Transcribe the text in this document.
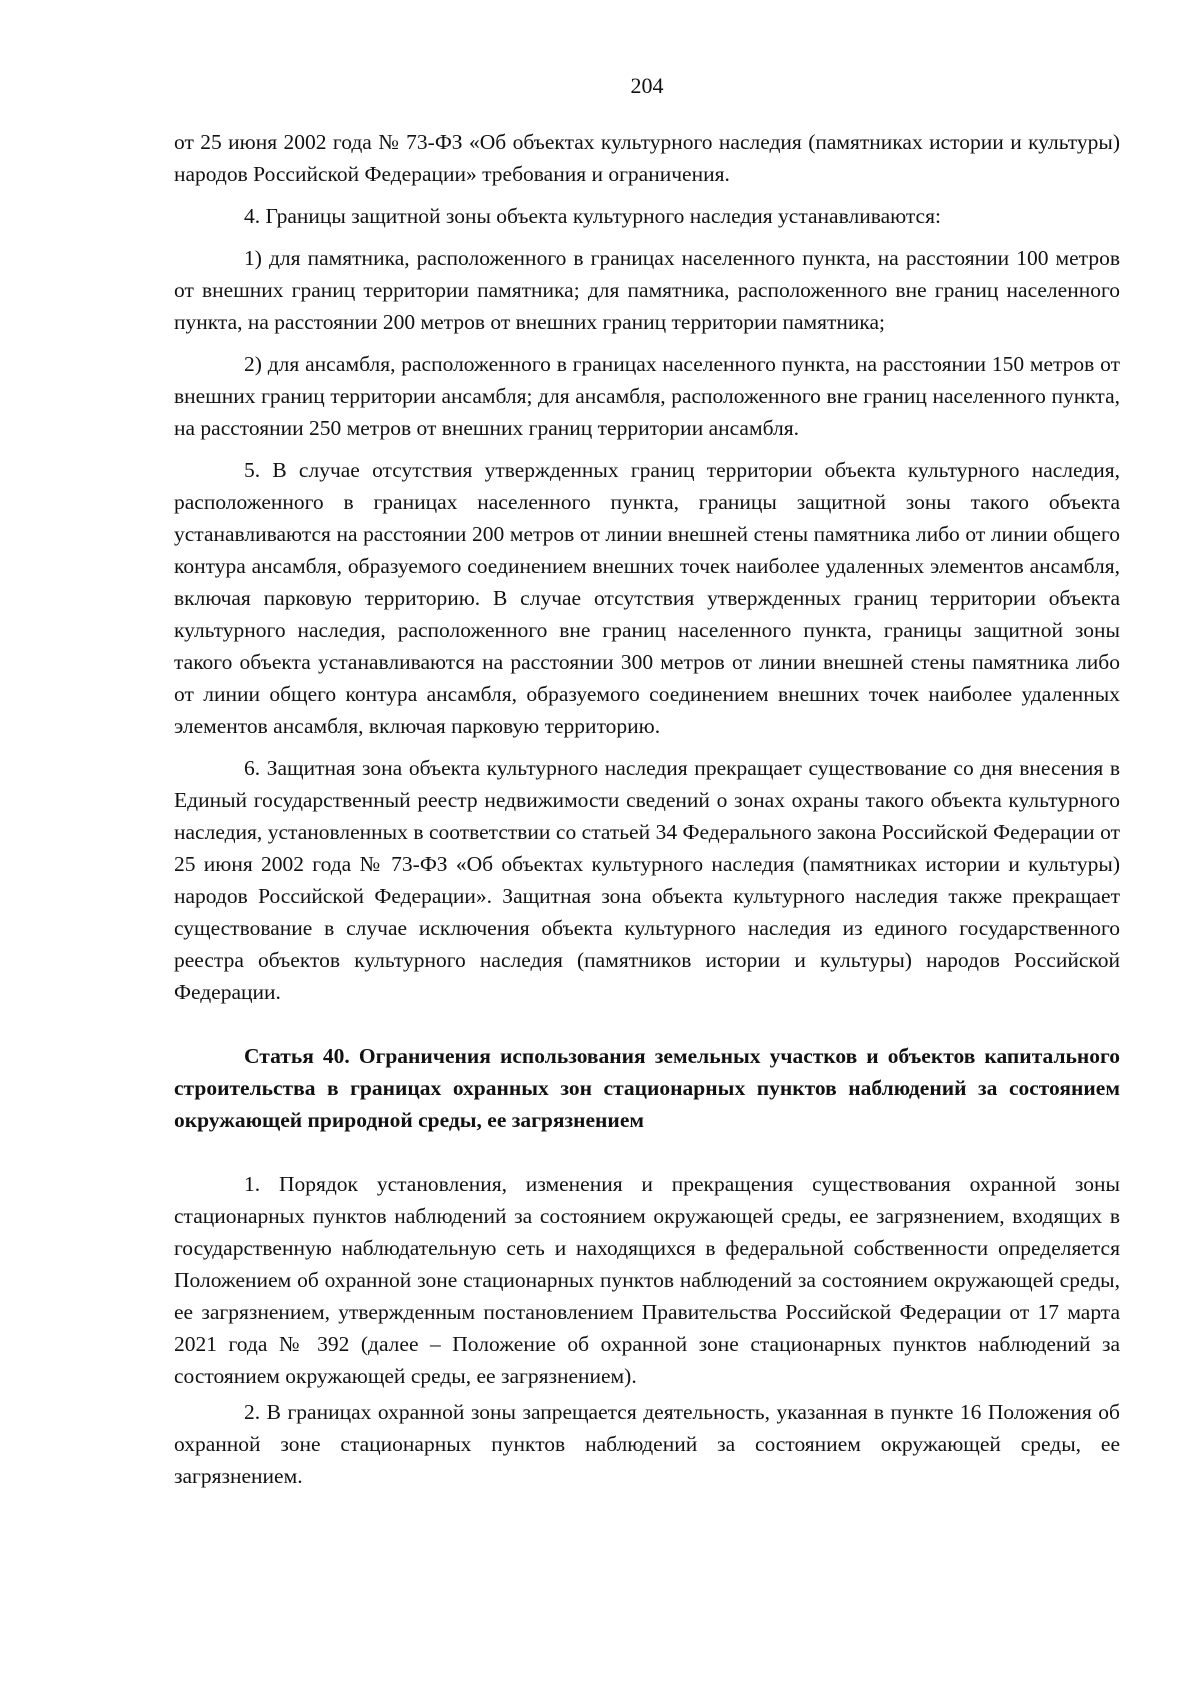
204

от 25 июня 2002 года № 73-ФЗ «Об объектах культурного наследия (памятниках истории и культуры) народов Российской Федерации» требования и ограничения.

4. Границы защитной зоны объекта культурного наследия устанавливаются:

1) для памятника, расположенного в границах населенного пункта, на расстоянии 100 метров от внешних границ территории памятника; для памятника, расположенного вне границ населенного пункта, на расстоянии 200 метров от внешних границ территории памятника;

2) для ансамбля, расположенного в границах населенного пункта, на расстоянии 150 метров от внешних границ территории ансамбля; для ансамбля, расположенного вне границ населенного пункта, на расстоянии 250 метров от внешних границ территории ансамбля.

5. В случае отсутствия утвержденных границ территории объекта культурного наследия, расположенного в границах населенного пункта, границы защитной зоны такого объекта устанавливаются на расстоянии 200 метров от линии внешней стены памятника либо от линии общего контура ансамбля, образуемого соединением внешних точек наиболее удаленных элементов ансамбля, включая парковую территорию. В случае отсутствия утвержденных границ территории объекта культурного наследия, расположенного вне границ населенного пункта, границы защитной зоны такого объекта устанавливаются на расстоянии 300 метров от линии внешней стены памятника либо от линии общего контура ансамбля, образуемого соединением внешних точек наиболее удаленных элементов ансамбля, включая парковую территорию.

6. Защитная зона объекта культурного наследия прекращает существование со дня внесения в Единый государственный реестр недвижимости сведений о зонах охраны такого объекта культурного наследия, установленных в соответствии со статьей 34 Федерального закона Российской Федерации от 25 июня 2002 года № 73-ФЗ «Об объектах культурного наследия (памятниках истории и культуры) народов Российской Федерации». Защитная зона объекта культурного наследия также прекращает существование в случае исключения объекта культурного наследия из единого государственного реестра объектов культурного наследия (памятников истории и культуры) народов Российской Федерации.

Статья 40. Ограничения использования земельных участков и объектов капитального строительства в границах охранных зон стационарных пунктов наблюдений за состоянием окружающей природной среды, ее загрязнением

1. Порядок установления, изменения и прекращения существования охранной зоны стационарных пунктов наблюдений за состоянием окружающей среды, ее загрязнением, входящих в государственную наблюдательную сеть и находящихся в федеральной собственности определяется Положением об охранной зоне стационарных пунктов наблюдений за состоянием окружающей среды, ее загрязнением, утвержденным постановлением Правительства Российской Федерации от 17 марта 2021 года № 392 (далее – Положение об охранной зоне стационарных пунктов наблюдений за состоянием окружающей среды, ее загрязнением).

2. В границах охранной зоны запрещается деятельность, указанная в пункте 16 Положения об охранной зоне стационарных пунктов наблюдений за состоянием окружающей среды, ее загрязнением.
